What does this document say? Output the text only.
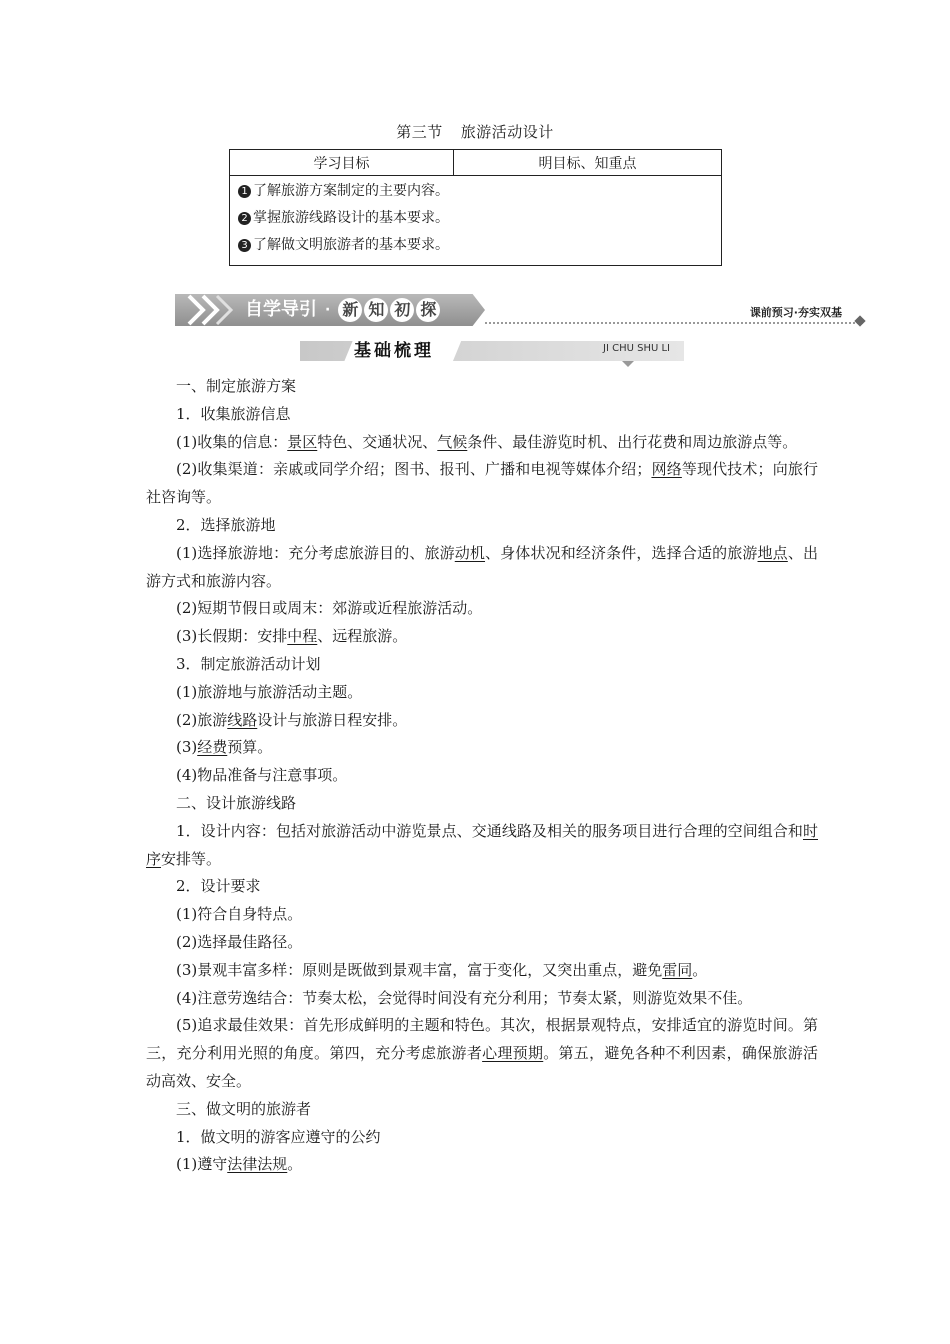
第三节 旅游活动设计
学习目标	明目标、知重点

1 了解旅游方案制定的主要内容。
2 掌握旅游线路设计的基本要求。
3 了解做文明旅游者的基本要求。
自学导引 · 新 知 初 探	课前预习·夯实双基
基础梳理	JI CHU SHU LI

一、制定旅游方案

1．收集旅游信息

(1)收集的信息：景区特色、交通状况、气候条件、最佳游览时机、出行花费和周边旅游点等。

(2)收集渠道：亲戚或同学介绍；图书、报刊、广播和电视等媒体介绍；网络等现代技术；向旅行社咨询等。

2．选择旅游地

(1)选择旅游地：充分考虑旅游目的、旅游动机、身体状况和经济条件，选择合适的旅游地点、出游方式和旅游内容。

(2)短期节假日或周末：郊游或近程旅游活动。

(3)长假期：安排中程、远程旅游。

3．制定旅游活动计划

(1)旅游地与旅游活动主题。

(2)旅游线路设计与旅游日程安排。

(3)经费预算。

(4)物品准备与注意事项。

二、设计旅游线路

1．设计内容：包括对旅游活动中游览景点、交通线路及相关的服务项目进行合理的空间组合和时序安排等。

2．设计要求

(1)符合自身特点。

(2)选择最佳路径。

(3)景观丰富多样：原则是既做到景观丰富，富于变化，又突出重点，避免雷同。

(4)注意劳逸结合：节奏太松，会觉得时间没有充分利用；节奏太紧，则游览效果不佳。

(5)追求最佳效果：首先形成鲜明的主题和特色。其次，根据景观特点，安排适宜的游览时间。第三，充分利用光照的角度。第四，充分考虑旅游者心理预期。第五，避免各种不利因素，确保旅游活动高效、安全。

三、做文明的旅游者

1．做文明的游客应遵守的公约

(1)遵守法律法规。
